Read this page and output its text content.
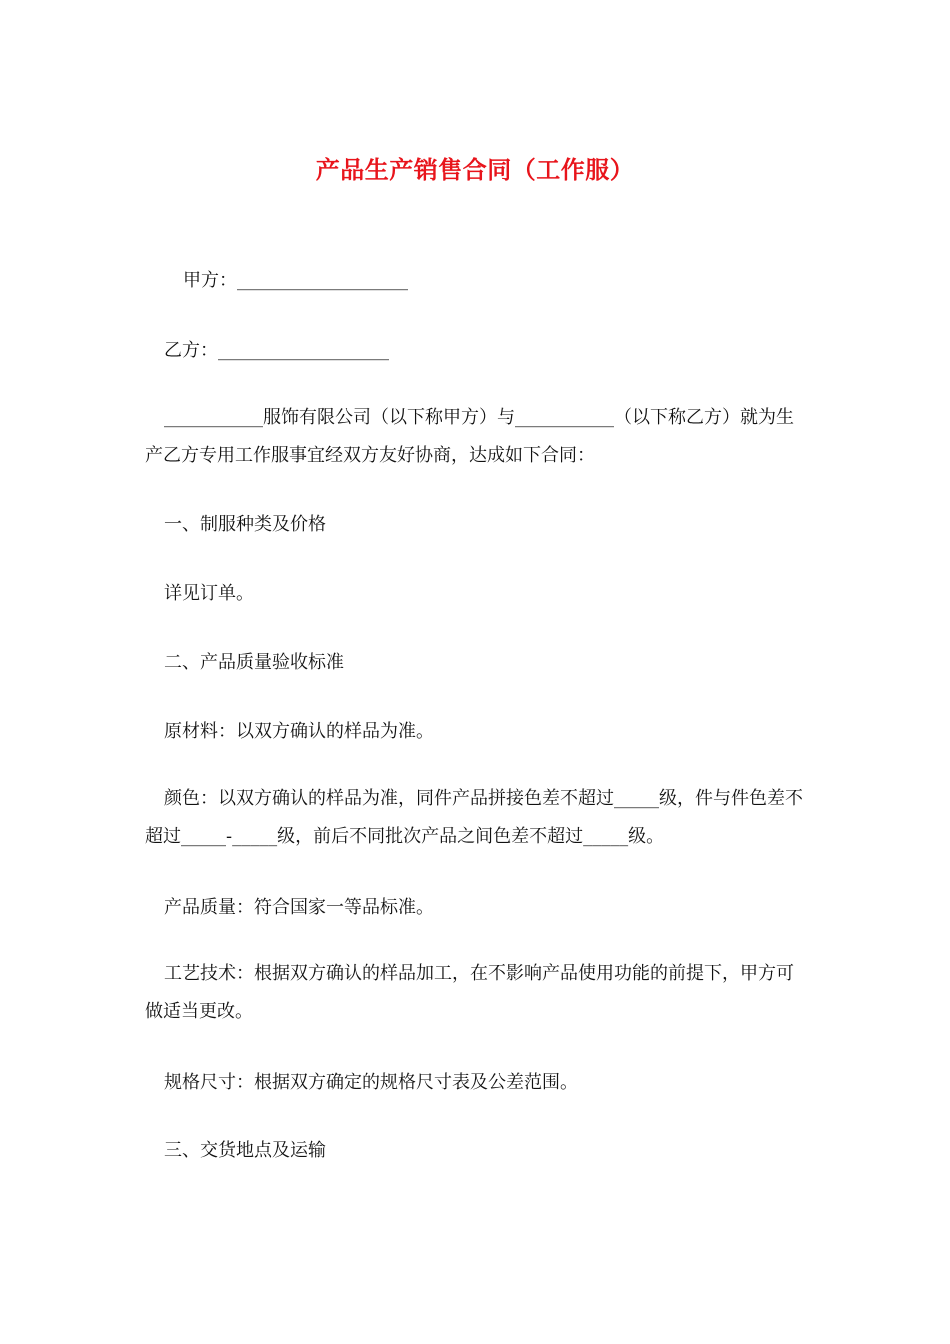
产品生产销售合同（工作服）
甲方：___________________
乙方：___________________
___________服饰有限公司（以下称甲方）与___________（以下称乙方）就为生产乙方专用工作服事宜经双方友好协商，达成如下合同：
一、制服种类及价格
详见订单。
二、产品质量验收标准
原材料：以双方确认的样品为准。
颜色：以双方确认的样品为准，同件产品拼接色差不超过_____级，件与件色差不超过_____-_____级，前后不同批次产品之间色差不超过_____级。
产品质量：符合国家一等品标准。
工艺技术：根据双方确认的样品加工，在不影响产品使用功能的前提下，甲方可做适当更改。
规格尺寸：根据双方确定的规格尺寸表及公差范围。
三、交货地点及运输
